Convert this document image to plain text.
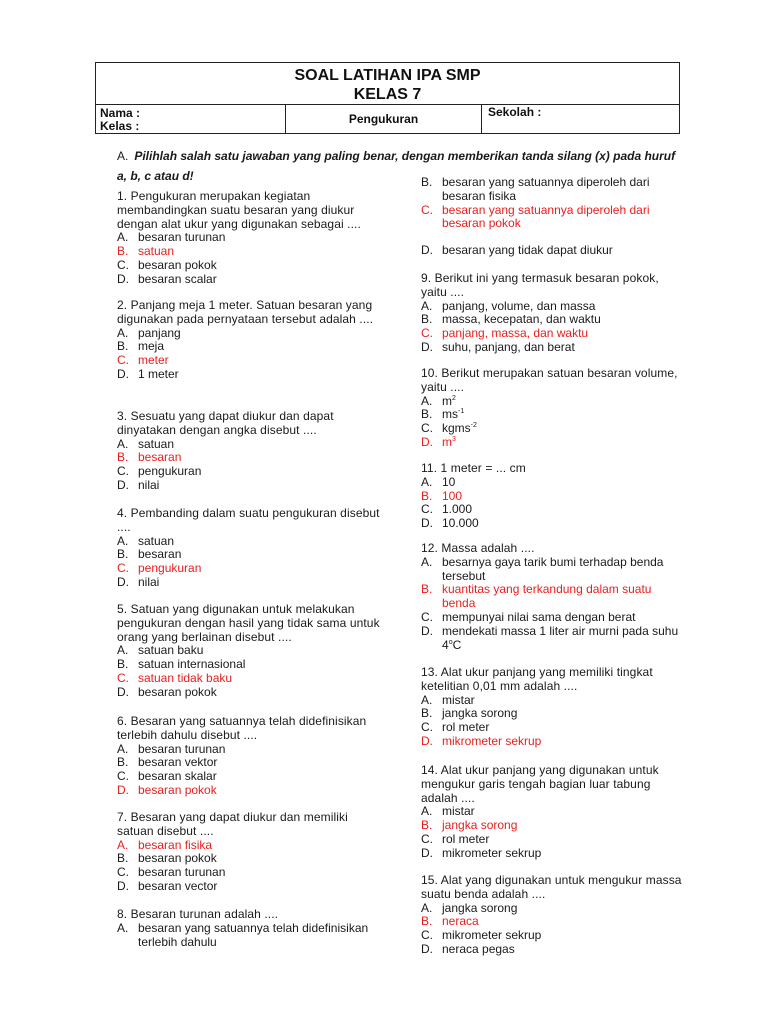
SOAL LATIHAN IPA SMP
KELAS 7
Nama :
Kelas :	Pengukuran	Sekolah :
A. Pilihlah salah satu jawaban yang paling benar, dengan memberikan tanda silang (x) pada huruf a, b, c atau d!
1. Pengukuran merupakan kegiatan membandingkan suatu besaran yang diukur dengan alat ukur yang digunakan sebagai ....
A. besaran turunan
B. satuan
C. besaran pokok
D. besaran scalar
2. Panjang meja 1 meter. Satuan besaran yang digunakan pada pernyataan tersebut adalah ....
A. panjang
B. meja
C. meter
D. 1 meter
3. Sesuatu yang dapat diukur dan dapat dinyatakan dengan angka disebut ....
A. satuan
B. besaran
C. pengukuran
D. nilai
4. Pembanding dalam suatu pengukuran disebut ....
A. satuan
B. besaran
C. pengukuran
D. nilai
5. Satuan yang digunakan untuk melakukan pengukuran dengan hasil yang tidak sama untuk orang yang berlainan disebut ....
A. satuan baku
B. satuan internasional
C. satuan tidak baku
D. besaran pokok
6. Besaran yang satuannya telah didefinisikan terlebih dahulu disebut ....
A. besaran turunan
B. besaran vektor
C. besaran skalar
D. besaran pokok
7. Besaran yang dapat diukur dan memiliki satuan disebut ....
A. besaran fisika
B. besaran pokok
C. besaran turunan
D. besaran vector
8. Besaran turunan adalah ....
A. besaran yang satuannya telah didefinisikan terlebih dahulu
9. Berikut ini yang termasuk besaran pokok, yaitu ....
A. panjang, volume, dan massa
B. massa, kecepatan, dan waktu
C. panjang, massa, dan waktu
D. suhu, panjang, dan berat
10. Berikut merupakan satuan besaran volume, yaitu ....
A. $m^2$
B. $ms^{-1}$
C. kgms$^{-2}$
D. $m^3$
11. 1 meter = ... cm
A. 10
B. 100
C. 1.000
D. 10.000
12. Massa adalah ....
A. besarnya gaya tarik bumi terhadap benda tersebut
B. kuantitas yang terkandung dalam suatu benda
C. mempunyai nilai sama dengan berat
D. mendekati massa 1 liter air murni pada suhu 4$^o$C
13. Alat ukur panjang yang memiliki tingkat ketelitian 0,01 mm adalah ....
A. mistar
B. jangka sorong
C. rol meter
D. mikrometer sekrup
14. Alat ukur panjang yang digunakan untuk mengukur garis tengah bagian luar tabung adalah ....
A. mistar
B. jangka sorong
C. rol meter
D. mikrometer sekrup
15. Alat yang digunakan untuk mengukur massa suatu benda adalah ....
A. jangka sorong
B. neraca
C. mikrometer sekrup
D. neraca pegas
B. besaran yang satuannya diperoleh dari besaran fisika
C. besaran yang satuannya diperoleh dari besaran pokok
D. besaran yang tidak dapat diukur
